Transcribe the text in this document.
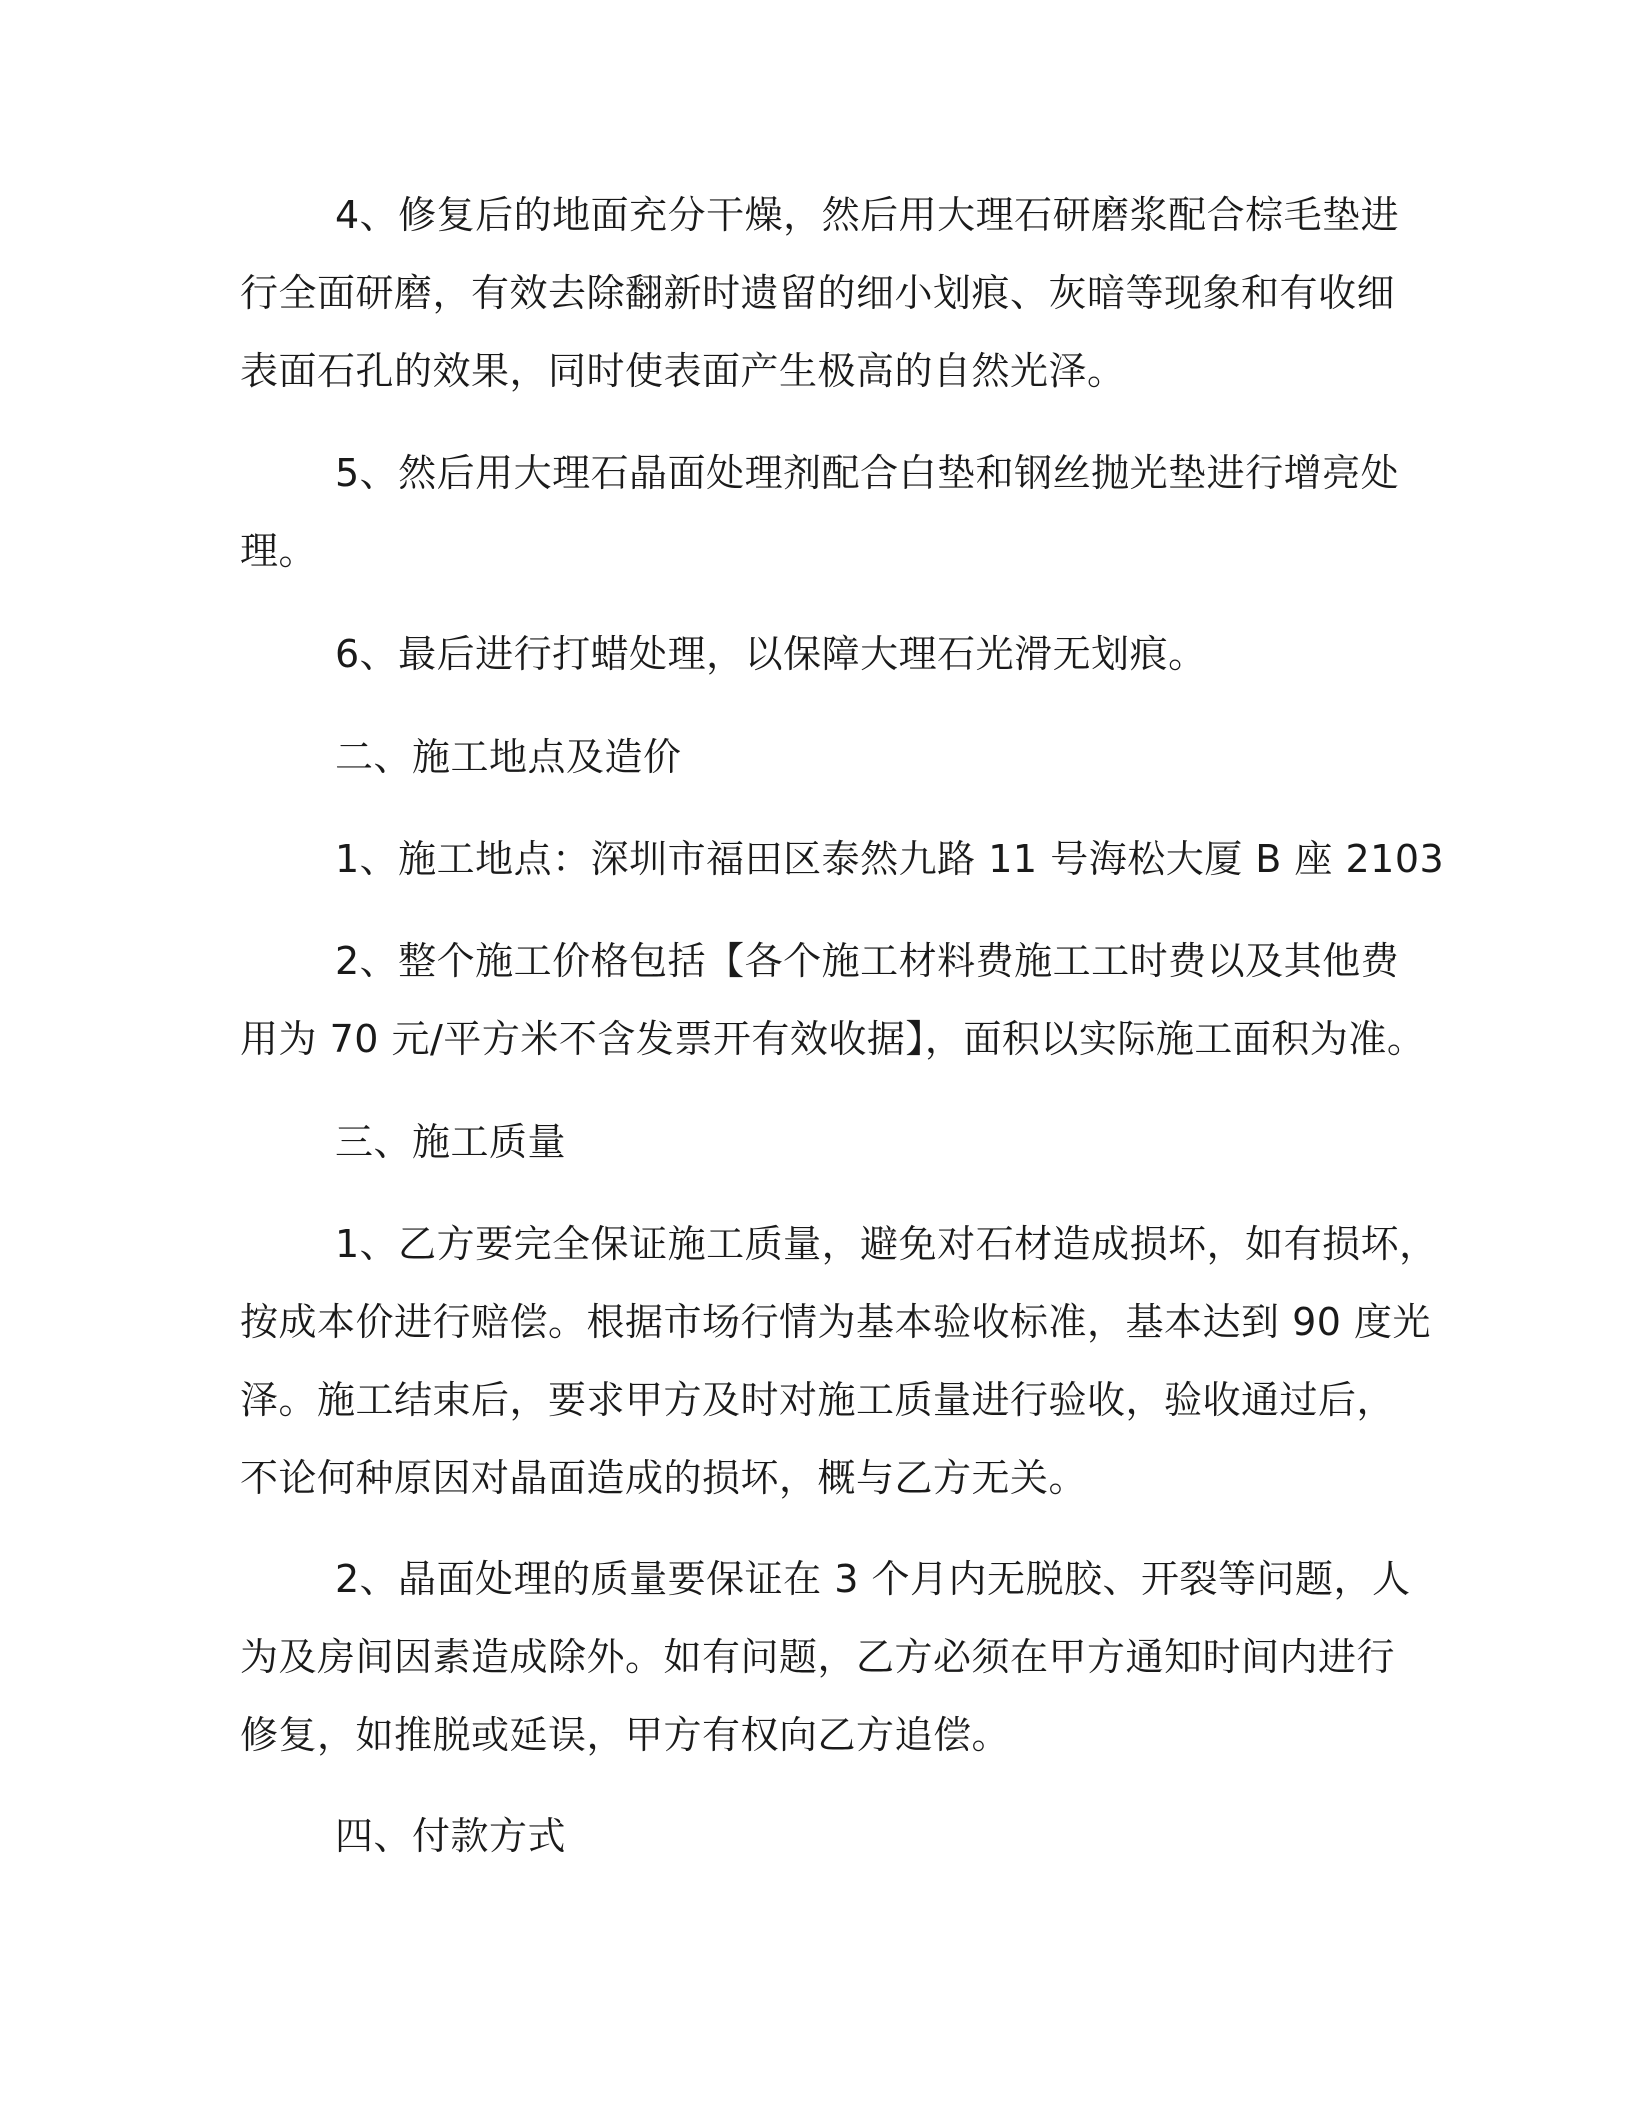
4、修复后的地面充分干燥，然后用大理石研磨浆配合棕毛垫进
行全面研磨，有效去除翻新时遗留的细小划痕、灰暗等现象和有收细
表面石孔的效果，同时使表面产生极高的自然光泽。
5、然后用大理石晶面处理剂配合白垫和钢丝抛光垫进行增亮处
理。
6、最后进行打蜡处理，以保障大理石光滑无划痕。
二、施工地点及造价
1、施工地点：深圳市福田区泰然九路 11 号海松大厦 B 座 2103
2、整个施工价格包括【各个施工材料费施工工时费以及其他费
用为 70 元/平方米不含发票开有效收据】，面积以实际施工面积为准。
三、施工质量
1、乙方要完全保证施工质量，避免对石材造成损坏，如有损坏，
按成本价进行赔偿。根据市场行情为基本验收标准，基本达到 90 度光
泽。施工结束后，要求甲方及时对施工质量进行验收，验收通过后，
不论何种原因对晶面造成的损坏，概与乙方无关。
2、晶面处理的质量要保证在 3 个月内无脱胶、开裂等问题，人
为及房间因素造成除外。如有问题，乙方必须在甲方通知时间内进行
修复，如推脱或延误，甲方有权向乙方追偿。
四、付款方式
